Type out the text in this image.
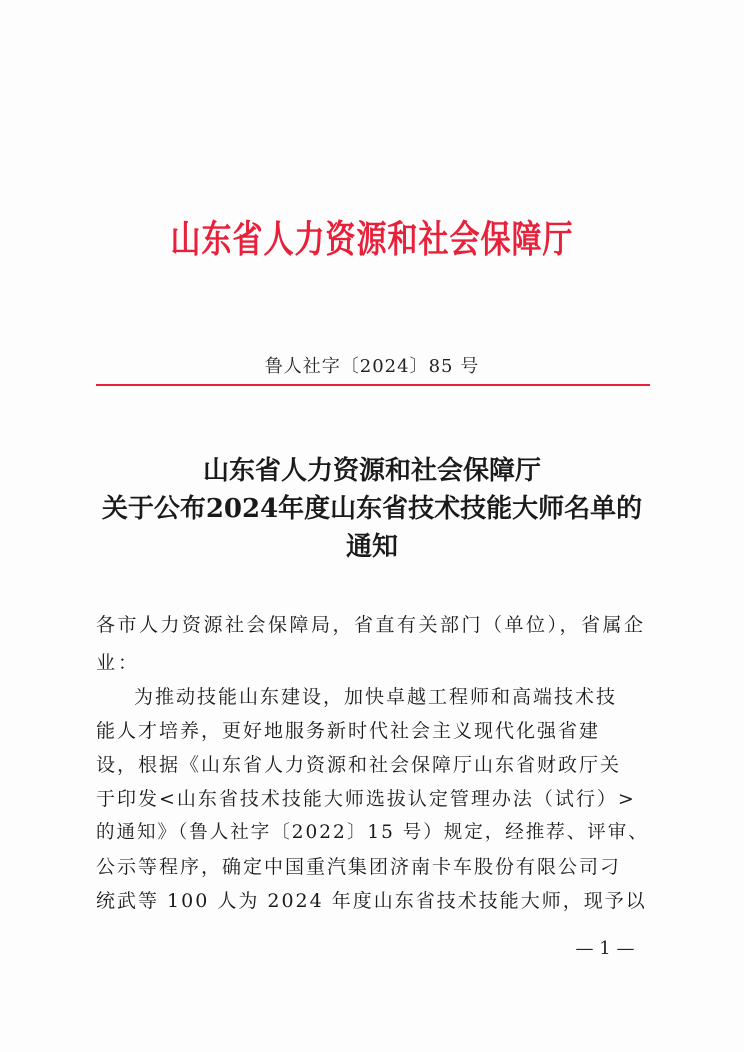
山东省人力资源和社会保障厅
鲁人社字〔2024〕85 号
山东省人力资源和社会保障厅
关于公布2024年度山东省技术技能大师名单的
通知
各市人力资源社会保障局，省直有关部门（单位），省属企
业：
为推动技能山东建设，加快卓越工程师和高端技术技
能人才培养，更好地服务新时代社会主义现代化强省建
设，根据《山东省人力资源和社会保障厅山东省财政厅关
于印发<山东省技术技能大师选拔认定管理办法（试行）>
的通知》（鲁人社字〔2022〕15 号）规定，经推荐、评审、
公示等程序，确定中国重汽集团济南卡车股份有限公司刁
统武等 100 人为 2024 年度山东省技术技能大师，现予以
— 1 —
